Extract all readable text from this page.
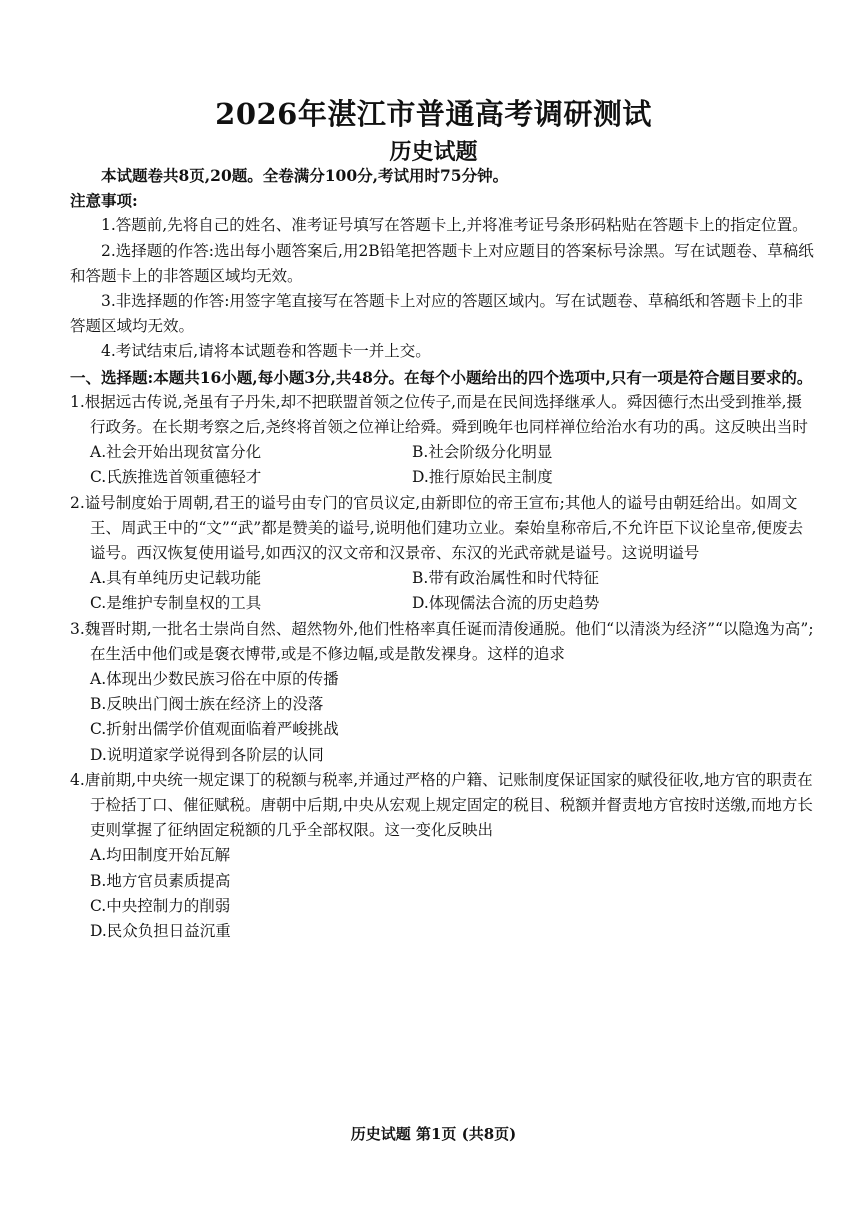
2026年湛江市普通高考调研测试
历史试题

本试题卷共8页,20题。全卷满分100分,考试用时75分钟。

注意事项:

1.答题前,先将自己的姓名、准考证号填写在答题卡上,并将准考证号条形码粘贴在答题卡上的指定位置。

2.选择题的作答:选出每小题答案后,用2B铅笔把答题卡上对应题目的答案标号涂黑。写在试题卷、草稿纸和答题卡上的非答题区域均无效。

3.非选择题的作答:用签字笔直接写在答题卡上对应的答题区域内。写在试题卷、草稿纸和答题卡上的非答题区域均无效。

4.考试结束后,请将本试题卷和答题卡一并上交。

一、选择题:本题共16小题,每小题3分,共48分。在每个小题给出的四个选项中,只有一项是符合题目要求的。

1.根据远古传说,尧虽有子丹朱,却不把联盟首领之位传子,而是在民间选择继承人。舜因德行杰出受到推举,摄行政务。在长期考察之后,尧终将首领之位禅让给舜。舜到晚年也同样禅位给治水有功的禹。这反映出当时

A.社会开始出现贫富分化	B.社会阶级分化明显
C.氏族推选首领重德轻才	D.推行原始民主制度

2.谥号制度始于周朝,君王的谥号由专门的官员议定,由新即位的帝王宣布;其他人的谥号由朝廷给出。如周文王、周武王中的“文”“武”都是赞美的谥号,说明他们建功立业。秦始皇称帝后,不允许臣下议论皇帝,便废去谥号。西汉恢复使用谥号,如西汉的汉文帝和汉景帝、东汉的光武帝就是谥号。这说明谥号

A.具有单纯历史记载功能	B.带有政治属性和时代特征
C.是维护专制皇权的工具	D.体现儒法合流的历史趋势

3.魏晋时期,一批名士崇尚自然、超然物外,他们性格率真任诞而清俊通脱。他们“以清淡为经济”“以隐逸为高”;在生活中他们或是褒衣博带,或是不修边幅,或是散发裸身。这样的追求

A.体现出少数民族习俗在中原的传播
B.反映出门阀士族在经济上的没落
C.折射出儒学价值观面临着严峻挑战
D.说明道家学说得到各阶层的认同

4.唐前期,中央统一规定课丁的税额与税率,并通过严格的户籍、记账制度保证国家的赋役征收,地方官的职责在于检括丁口、催征赋税。唐朝中后期,中央从宏观上规定固定的税目、税额并督责地方官按时送缴,而地方长吏则掌握了征纳固定税额的几乎全部权限。这一变化反映出

A.均田制度开始瓦解
B.地方官员素质提高
C.中央控制力的削弱
D.民众负担日益沉重
历史试题 第1页 (共8页)
